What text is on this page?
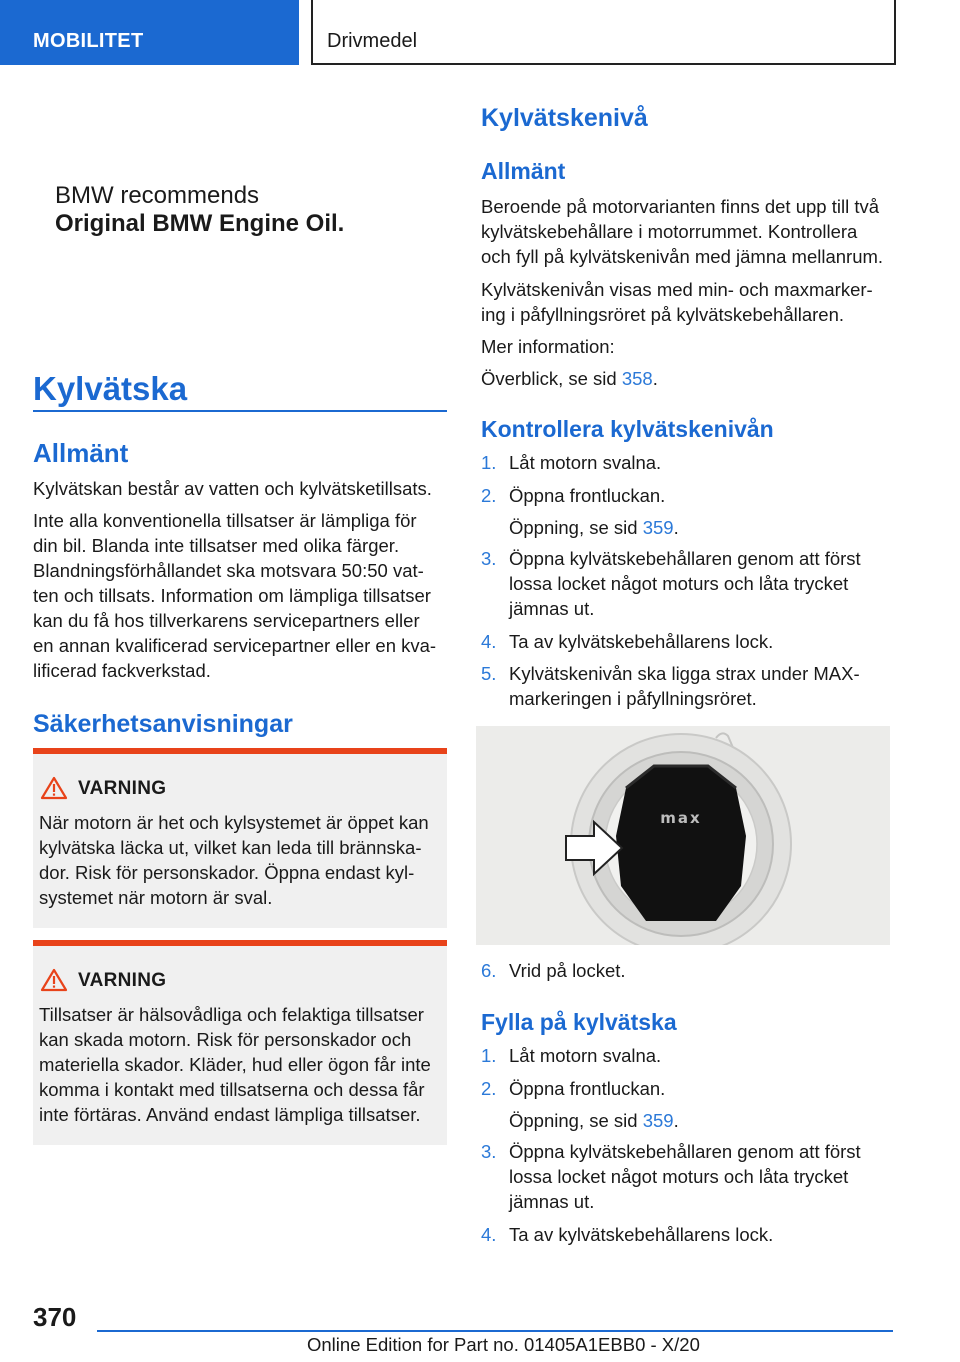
MOBILITET	Drivmedel
BMW recommends
Original BMW Engine Oil.
Kylvätska
Allmänt

Kylvätskan består av vatten och kylvätsketillsats.

Inte alla konventionella tillsatser är lämpliga för

din bil. Blanda inte tillsatser med olika färger.

Blandningsförhållandet ska motsvara 50:50 vat-

ten och tillsats. Information om lämpliga tillsatser

kan du få hos tillverkarens servicepartners eller

en annan kvalificerad servicepartner eller en kva-

lificerad fackverkstad.

Säkerhetsanvisningar
VARNING

När motorn är het och kylsystemet är öppet kan

kylvätska läcka ut, vilket kan leda till brännska-

dor. Risk för personskador. Öppna endast kyl-

systemet när motorn är sval.

VARNING

Tillsatser är hälsovådliga och felaktiga tillsatser

kan skada motorn. Risk för personskador och

materiella skador. Kläder, hud eller ögon får inte

komma i kontakt med tillsatserna och dessa får

inte förtäras. Använd endast lämpliga tillsatser.

Kylvätskenivå
Allmänt

Beroende på motorvarianten finns det upp till två

kylvätskebehållare i motorrummet. Kontrollera

och fyll på kylvätskenivån med jämna mellanrum.

Kylvätskenivån visas med min- och maxmarker-

ing i påfyllningsröret på kylvätskebehållaren.

Mer information:

Överblick, se sid 358.

Kontrollera kylvätskenivån
1. Låt motorn svalna.

2. Öppna frontluckan.

Öppning, se sid 359.

3. Öppna kylvätskebehållaren genom att först

lossa locket något moturs och låta trycket

jämnas ut.

4. Ta av kylvätskebehållarens lock.

5. Kylvätskenivån ska ligga strax under MAX-

markeringen i påfyllningsröret.

max
6. Vrid på locket.

Fylla på kylvätska
1. Låt motorn svalna.

2. Öppna frontluckan.

Öppning, se sid 359.

3. Öppna kylvätskebehållaren genom att först

lossa locket något moturs och låta trycket

jämnas ut.

4. Ta av kylvätskebehållarens lock.

370
Online Edition for Part no. 01405A1EBB0 - X/20
